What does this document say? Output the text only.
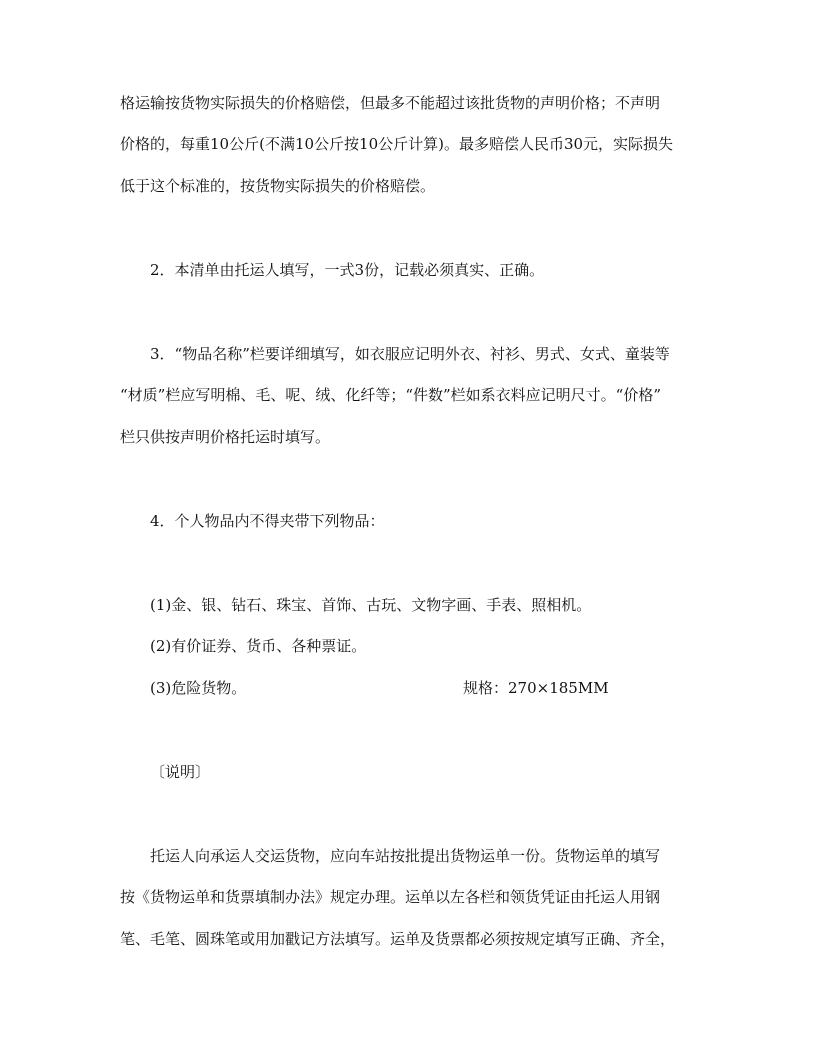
格运输按货物实际损失的价格赔偿，但最多不能超过该批货物的声明价格；不声明
价格的，每重10公斤(不满10公斤按10公斤计算)。最多赔偿人民币30元，实际损失
低于这个标准的，按货物实际损失的价格赔偿。
2．本清单由托运人填写，一式3份，记载必须真实、正确。
3．“物品名称”栏要详细填写，如衣服应记明外衣、衬衫、男式、女式、童装等
“材质”栏应写明棉、毛、呢、绒、化纤等；“件数”栏如系衣料应记明尺寸。“价格”
栏只供按声明价格托运时填写。
4．个人物品内不得夹带下列物品：
(1)金、银、钻石、珠宝、首饰、古玩、文物字画、手表、照相机。
(2)有价证券、货币、各种票证。
(3)危险货物。	规格：270×185MM
〔说明〕
托运人向承运人交运货物，应向车站按批提出货物运单一份。货物运单的填写
按《货物运单和货票填制办法》规定办理。运单以左各栏和领货凭证由托运人用钢
笔、毛笔、圆珠笔或用加戳记方法填写。运单及货票都必须按规定填写正确、齐全，
